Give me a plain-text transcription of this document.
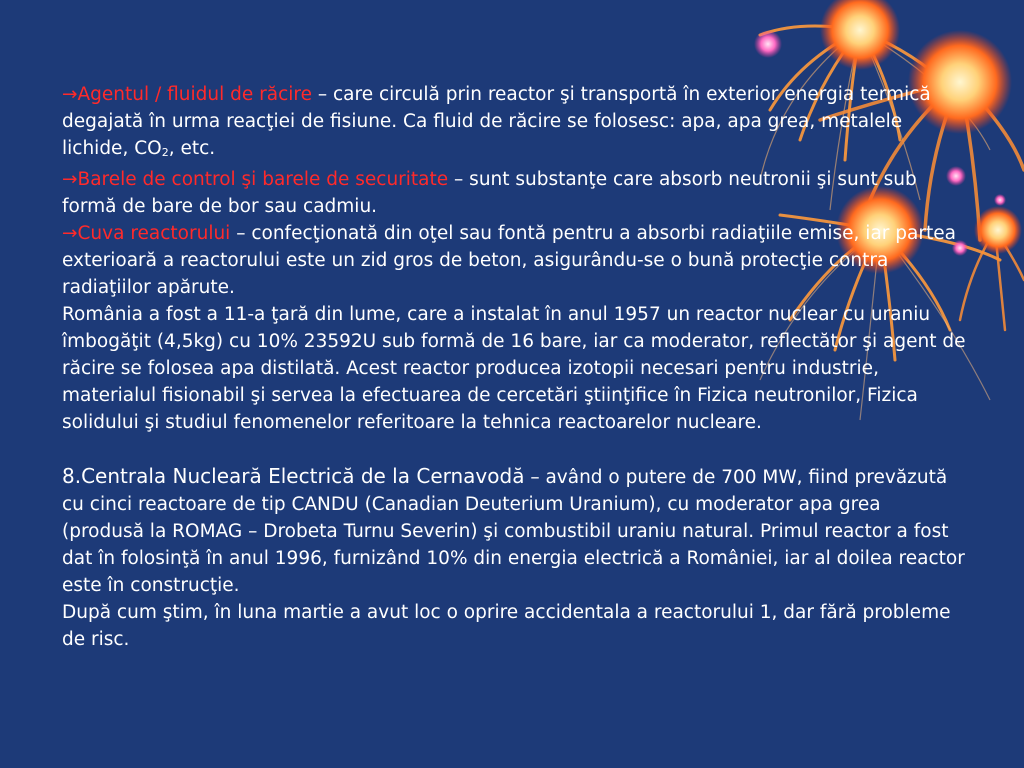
→Agentul / fluidul de răcire – care circulă prin reactor şi transportă în exterior energia termică degajată în urma reacţiei de fisiune. Ca fluid de răcire se folosesc: apa, apa grea, metalele lichide, CO2, etc.

→Barele de control şi barele de securitate – sunt substanţe care absorb neutronii şi sunt sub formă de bare de bor sau cadmiu.

→Cuva reactorului – confecţionată din oţel sau fontă pentru a absorbi radiaţiile emise, iar partea exterioară a reactorului este un zid gros de beton, asigurându-se o bună protecţie contra radiaţiilor apărute.

România a fost a 11-a ţară din lume, care a instalat în anul 1957 un reactor nuclear cu uraniu îmbogăţit (4,5kg) cu 10% 23592U sub formă de 16 bare, iar ca moderator, reflectător şi agent de răcire se folosea apa distilată. Acest reactor producea izotopii necesari pentru industrie, materialul fisionabil şi servea la efectuarea de cercetări ştiinţifice în Fizica neutronilor, Fizica solidului şi studiul fenomenelor referitoare la tehnica reactoarelor nucleare.

8.Centrala Nucleară Electrică de la Cernavodă – având o putere de 700 MW, fiind prevăzută cu cinci reactoare de tip CANDU (Canadian Deuterium Uranium), cu moderator apa grea (produsă la ROMAG – Drobeta Turnu Severin) şi combustibil uraniu natural. Primul reactor a fost dat în folosinţă în anul 1996, furnizând 10% din energia electrică a României, iar al doilea reactor este în construcţie.

După cum ştim, în luna martie a avut loc o oprire accidentala a reactorului 1, dar fără probleme de risc.
